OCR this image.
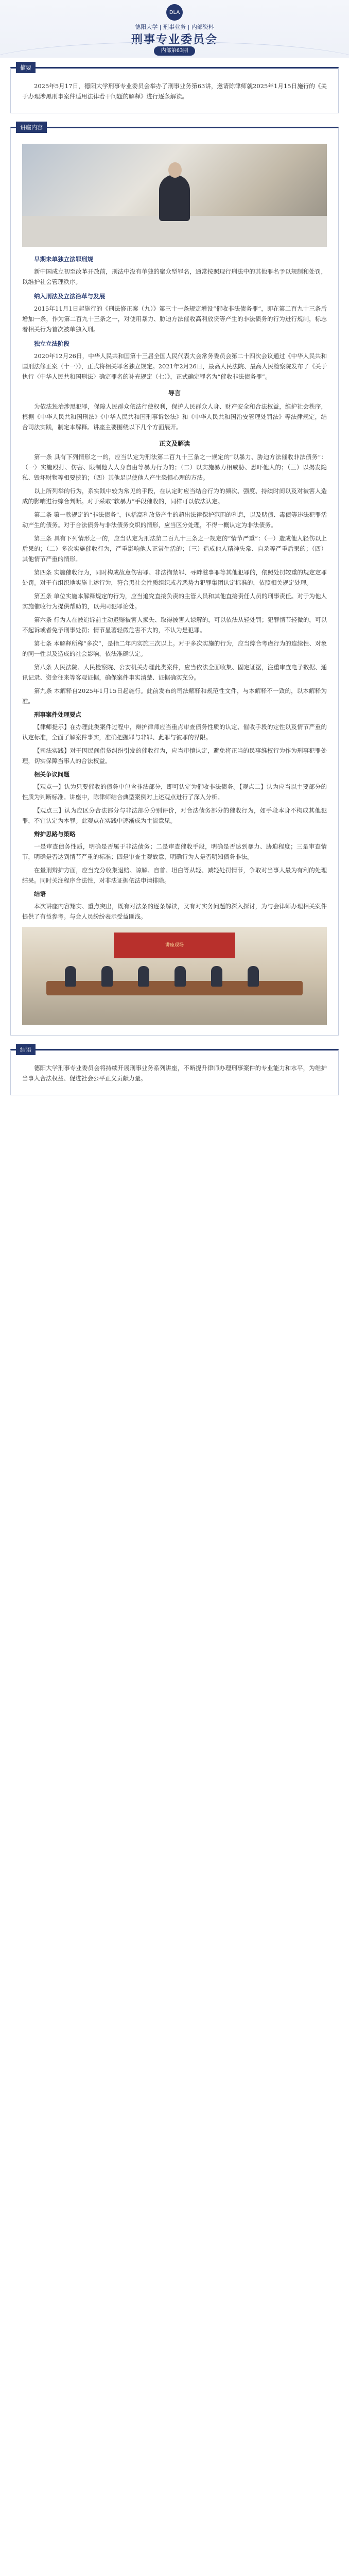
DLA
德阳大学 | 刑事业务 | 内部资料
刑事专业委员会
内部第63期
摘要

2025年5月17日，德阳大学刑事专业委员会举办了刑事业务第63讲，邀请陈律师就2025年1月15日施行的《关于办理涉黑刑事案件适用法律若干问题的解释》进行逐条解读。

讲座内容

早期未单独立法罪刑规

新中国成立初至改革开放前，刑法中没有单独的聚众型罪名，通常按照现行刑法中的其他罪名予以规制和处罚，以维护社会管理秩序。

纳入刑法及立法沿革与发展

2015年11月1日起施行的《刑法修正案（九）》第三十一条规定增设“催收非法债务罪”，即在第二百九十三条后增加一条，作为第二百九十三条之一，对使用暴力、胁迫方法催收高利放贷等产生的非法债务的行为进行规制，标志着相关行为首次被单独入刑。

独立立法阶段

2020年12月26日，中华人民共和国第十三届全国人民代表大会常务委员会第二十四次会议通过《中华人民共和国刑法修正案（十一）》，正式将相关罪名独立规定。2021年2月26日，最高人民法院、最高人民检察院发布了《关于执行〈中华人民共和国刑法〉确定罪名的补充规定（七）》，正式确定罪名为“催收非法债务罪”。

导言

为依法惩治涉黑犯罪，保障人民群众依法行使权利，保护人民群众人身、财产安全和合法权益，维护社会秩序，根据《中华人民共和国刑法》《中华人民共和国刑事诉讼法》和《中华人民共和国治安管理处罚法》等法律规定，结合司法实践，制定本解释。讲座主要围绕以下几个方面展开。

正文及解读

第一条 具有下列情形之一的，应当认定为刑法第二百九十三条之一规定的“以暴力、胁迫方法催收非法债务”：（一）实施殴打、伤害、限制他人人身自由等暴力行为的；（二）以实施暴力相威胁、恐吓他人的；（三）以揭发隐私、毁坏财物等相要挟的；（四）其他足以使他人产生恐惧心理的方法。

以上所列举的行为，系实践中较为常见的手段，在认定时应当结合行为的频次、强度、持续时间以及对被害人造成的影响进行综合判断。对于采取“软暴力”手段催收的，同样可以依法认定。

第二条 第一款规定的“非法债务”，包括高利放贷产生的超出法律保护范围的利息，以及赌债、毒债等违法犯罪活动产生的债务。对于合法债务与非法债务交织的情形，应当区分处理，不得一概认定为非法债务。

第三条 具有下列情形之一的，应当认定为刑法第二百九十三条之一规定的“情节严重”：（一）造成他人轻伤以上后果的；（二）多次实施催收行为，严重影响他人正常生活的；（三）造成他人精神失常、自杀等严重后果的；（四）其他情节严重的情形。

第四条 实施催收行为，同时构成故意伤害罪、非法拘禁罪、寻衅滋事罪等其他犯罪的，依照处罚较重的规定定罪处罚。对于有组织地实施上述行为，符合黑社会性质组织或者恶势力犯罪集团认定标准的，依照相关规定处理。

第五条 单位实施本解释规定的行为，应当追究直接负责的主管人员和其他直接责任人员的刑事责任。对于为他人实施催收行为提供帮助的，以共同犯罪论处。

第六条 行为人在被追诉前主动退赔被害人损失、取得被害人谅解的，可以依法从轻处罚；犯罪情节轻微的，可以不起诉或者免予刑事处罚；情节显著轻微危害不大的，不认为是犯罪。

第七条 本解释所称“多次”，是指二年内实施三次以上。对于多次实施的行为，应当综合考虑行为的连续性、对象的同一性以及造成的社会影响，依法准确认定。

第八条 人民法院、人民检察院、公安机关办理此类案件，应当依法全面收集、固定证据，注重审查电子数据、通讯记录、资金往来等客观证据，确保案件事实清楚、证据确实充分。

第九条 本解释自2025年1月15日起施行。此前发布的司法解释和规范性文件，与本解释不一致的，以本解释为准。

刑事案件处理要点

【律师提示】在办理此类案件过程中，辩护律师应当重点审查债务性质的认定、催收手段的定性以及情节严重的认定标准，全面了解案件事实，准确把握罪与非罪、此罪与彼罪的界限。

【司法实践】对于因民间借贷纠纷引发的催收行为，应当审慎认定，避免将正当的民事维权行为作为刑事犯罪处理，切实保障当事人的合法权益。

相关争议问题

【观点一】认为只要催收的债务中包含非法部分，即可认定为催收非法债务。【观点二】认为应当以主要部分的性质为判断标准。讲座中，陈律师结合典型案例对上述观点进行了深入分析。

【观点三】认为应区分合法部分与非法部分分别评价，对合法债务部分的催收行为，如手段本身不构成其他犯罪，不宜认定为本罪。此观点在实践中逐渐成为主流意见。

辩护思路与策略

一是审查债务性质，明确是否属于非法债务；二是审查催收手段，明确是否达到暴力、胁迫程度；三是审查情节，明确是否达到情节严重的标准；四是审查主观故意，明确行为人是否明知债务非法。

在量刑辩护方面，应当充分收集退赔、谅解、自首、坦白等从轻、减轻处罚情节，争取对当事人最为有利的处理结果。同时关注程序合法性，对非法证据依法申请排除。

结语

本次讲座内容翔实、重点突出，既有对法条的逐条解读，又有对实务问题的深入探讨，为与会律师办理相关案件提供了有益参考。与会人员纷纷表示受益匪浅。

讲座现场
结语

德阳大学刑事专业委员会将持续开展刑事业务系列讲座，不断提升律师办理刑事案件的专业能力和水平，为维护当事人合法权益、促进社会公平正义贡献力量。
